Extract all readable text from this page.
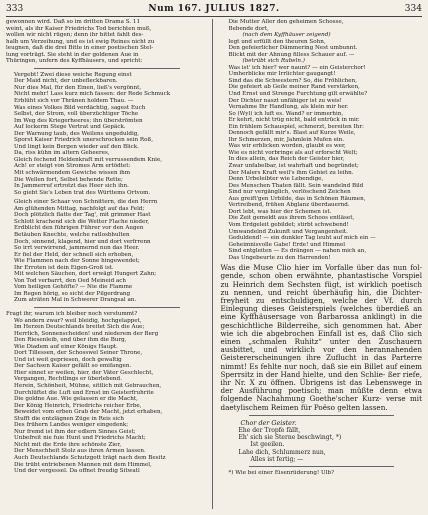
333	Num 167. JULIUS 1827.	334
gewonnen wird. Daß so im dritten Drama S. 11
weint, als ihr Kaiser Friedrichs Tod berichten muß,
wollen wir nicht rügen; denn ihr bittet fahlt des-
halb um Verzeihung, und es ist ewig Reines nicht zu
leugnen, daß die drei Bitte in einer poetischen Stel-
lung vorträgt. Sie steht in der goldenen Aue in
Thüringen, unfern des Kyffhäusers, und spricht:
Vergebt! Zwei diese weiche Regung einst
Der Maid nicht, der unbefleckbaren.
Nur dies Mal, für den Einen, ließ's vergönnt,
Nicht mehr! Lass kurz mich fassen: der Rede Schmuck
Erblüht sich vor Thränen holdem Thau. —
Was eines Volkes Bild verdächtig, sagest Euch
Selbst, der Strom, voll überzüchtiger Töche
Im Weg des Kriegerheeres; ihn überströmten
Auf lockerm Stege Vertrat und Gepäck.
Der Warnung taub, des Weilens ungeduldig,
Sporst Kaiser Friedrich unerschrocken sein Roß,
Und lingt kein Bergen wieder auf den Blick.
Da, riss kühn im altern Geheeres,
Gleich fechend Heldenkraft mit verrussendem Knie,
Ach! er steigt von Stromes Arm ertödtet:
Mit schwärmendem Gewiche wissen ihm
Die Wellen fort, Selbst behende Rette;
In Jammerruf ertrotzt das Heer sich ihn.
So giebt Sie's Leben trat des Württems Ortvom.
Gleich einer Schaar von Schnittern, die den Herrn
Am glühenden Mittag, nachfolgt auf das Feld;
Doch plötzlich flatte der Tag', mit grimmer Hast
Schlott krachend sich die Wetter Flache nieder,
Erdblicht den führigen Führer vor den Augen
Betäuben Knechte, welche ratlosbhulten
Doch, sinnend, klagend, hier und dort verfrrenn
So irrt verwirrend, jammernd nun das Heer.
Er fiel der Held, der schnell sich erhoben,
Wie Flammen nach der Sonne hingewendet;
Ihr Erroten ist dein Eigen-Groß ist.
Mit welchen Säuchen, dort erwägt Hungert Zahn;
Von Tod verbarrt, den Oed Meineid ach
Vom heiligen Gehöfte? — Nie die Flamme
Im Regen hörig, so sicht der Pilgerdrang
Zum aträten Mal in Schwerer Drangsal an.
Fragt ihr, warum ich bleiber noch verstummt?
Wo andern zwar? weil bleidig, hochgelappet,
Im Herzen Deutschlands breitet Sich die Aue;
Herrlich, Sonnenscheiden! und niederem der Berg
Den Riesenleib, und über ihm die Burg,
Wie Diadem auf einer Königs Haupt.
Dort Tillessen, der Schosswel Seiner Throne,
Und ist weit gepriesen, doch gewaltig
Der Sachsen Kaiser gefällt so emifangen.
Hier sinnet er weilen, hier, der Väter Geschlecht,
Vergangen, Rechtlings er überlebend.
Herein, Schönheit, Mühne, sittlich mit Gebrauchen,
Durchlüftet die Luft und Ernst im Geisterfruhrite
Die goldne Aue. Wie gelassen er die Macht,
Der König Heinrich, Friedrichs reicher Erbe,
Beweidet vom erben Grab der Macht, jetzt erhaben,
Stufft die entzlägnen Züge in Reis sich
Des frühern Landes weniger eingedenk;
Nur fremd ist ihm der edlern Sinnes Geist;
Unbefreit nie fuie Hunt und Friedrichs Macht;
Nicht mit die Erde ihre schönste Zier,
Der Menschheit Stolz aus ihren Armen lassen.
Auch Deutschlands Schutzgott trägt nach dem Besitz
Die trübt entriebenen Mannen mit dem Himmel,
Und der vergessel. Da offnet freudig Sitwatl
Die Mutter Aller den geheimen Schosse,
Bebende dort,
(nach dem Kyffhäuser zeigend)
legt und erfüllt den theuren Sohn,
Den gefeierlicher Dämmering Nest umbunnt.
Blickt mit der Ahnung filless Schauer auf. —
(betrübt sich Rubeln.)
Was ist' ich hier? wer naunt? — ein Geisterchor!
Umherblicke mir Irrlichter gaugangt!
Sind das die Schwestern? So, die Fröhlichen,
Die gefeiert ab Geile meiner Rand verstärken,
Und Ernst und Strenge Furchtung gilt erwählte?
Der Dichter naszt unfähiger ist zu weis!
Vernahme Ihr Handlung, als klein mir her.
So (Wyl) ich luft es. Wand? er immerhin,
Er kehrt, nicht trüg nicht, bald entrück in mir.
Ein frühlem Schauspiel, schmerzt, bereiten Ihr:
Dennoch gefällt mir's. Blast auf Kurze Weile,
Ihr Schmerzen, mir, Jahmlein Mufen ein.
Was wir erblicken worden, glaubt es wer,
Wie es nicht vorbringe als auf erforscht Welt;
In dies allein, das Reich der Geister hier,
Zwar unfabelbar, ist wahrhaft und begründet;
Der Malers Kraft weil's ihm Gebiet zu leihn.
Denn Urbeleibter wie Lebendige,
Des Menschen Thaten fällt. Sein wandelnd Bild
Sind nur vergänglich, verlöschend Zeichen
Aus greift'gen Urbilde, das in Schönen Räumen,
Vertreibend, frühen Abglanz überdauernd.
Dort lebt, was hier der Schemen ist.
Die Zeit gemeldt aus ihrem Schoos entläset,
Vom Erdgeleit gebildet; stirbt schwebend!
Umwandelnd Zukunft und Vergangenheit.
Geduldend! — ein dunkler Tag leuht auf mich ein —
Geheimnisvolle Gabe! Erde! und Himmel
Sind entgleiten — Es drängen — nahen mich an,
Das Ungebeurte zu den Harrenden!
Was die Muse Clio hier im Vorfalle über das nun fol- gende, schon oben erwähnte, phantastische Vorspiel zu Heinrich dem Sechsten fügt, ist wirklich poetisch zu nennen, und reicht überhäufig hin, die Dichter- freyheit zu entschuldigen, welche der Vf. durch Einlegung dieses Geisterspiels (welches überdieß an eine Kyffhäusersage von Barbarossa anklingt) in die geschichtliche Bilderreihe, sich genommen hat. Aber wie ich die abgebrochen Einfall ist es, daß Clio sich einen „schmalen Ruhitz“ unter den Zuschauern ausbittet, und wirklich vor den herannahenden Geistererscheinungen ihre Zuflucht in das Parterre nimmt! Es fehlte nur noch, daß sie ein Billet auf einem Sperrsitz in der Hand hielte, und den Schlie- ßer riefe, ihr Nr. X zu öffnen. Übrigens ist das Lebenswege in der Ausführung poetisch; man müßte denn etwa folgende Nachahmung Goethe'scher Kurz- verse mit daetylischem Reimen für Poëso gelten lassen.
Chor der Geister.
Ehe der Tropfe fällt,
Eh' sich sie Sterne beschwingt, *)
Ist geeilen.
Lahe dich, Schlummerz nun,
Alles ist fertig; —
*) Wie bei einer Eisenrüderung! Ulb?
